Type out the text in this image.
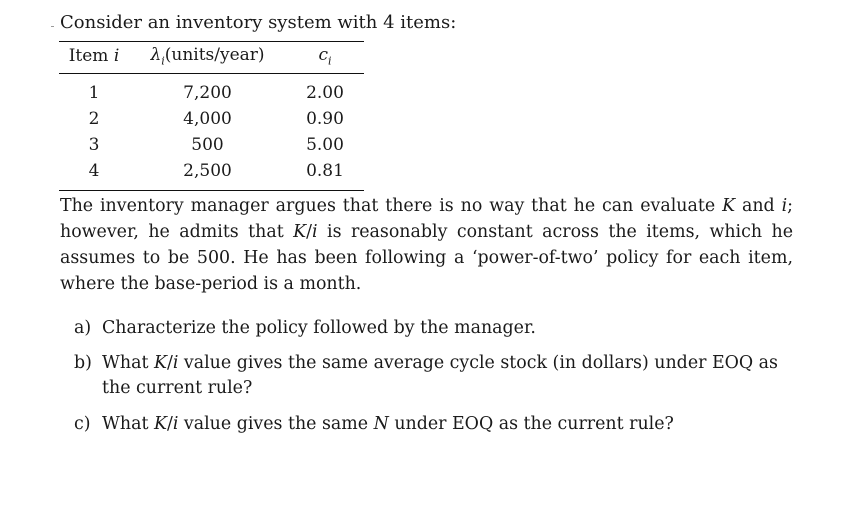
Consider an inventory system with 4 items:
Item i	$\lambda_i(units/year)$	$c_i$
1	7,200	2.00
2	4,000	0.90
3	500	5.00
4	2,500	0.81

The inventory manager argues that there is no way that he can evaluate K and i; however, he admits that K/i is reasonably constant across the items, which he assumes to be 500. He has been following a ‘power-of-two’ policy for each item, where the base-period is a month.

a) Characterize the policy followed by the manager.
b) What K/i value gives the same average cycle stock (in dollars) under EOQ as the current rule?
c) What K/i value gives the same N under EOQ as the current rule?
